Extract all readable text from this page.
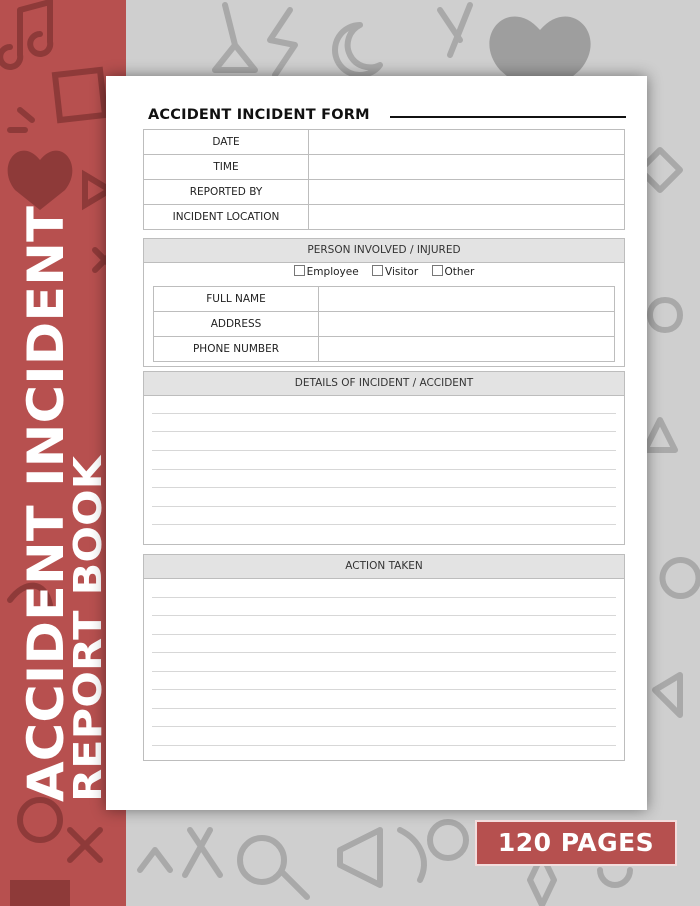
ACCIDENT INCIDENT
REPORT BOOK
ACCIDENT INCIDENT FORM
DATE	
TIME	
REPORTED BY	
INCIDENT LOCATION	
PERSON INVOLVED / INJURED
Employee	Visitor	Other
FULL NAME	
ADDRESS	
PHONE NUMBER	
DETAILS OF INCIDENT / ACCIDENT
ACTION TAKEN
120 PAGES
